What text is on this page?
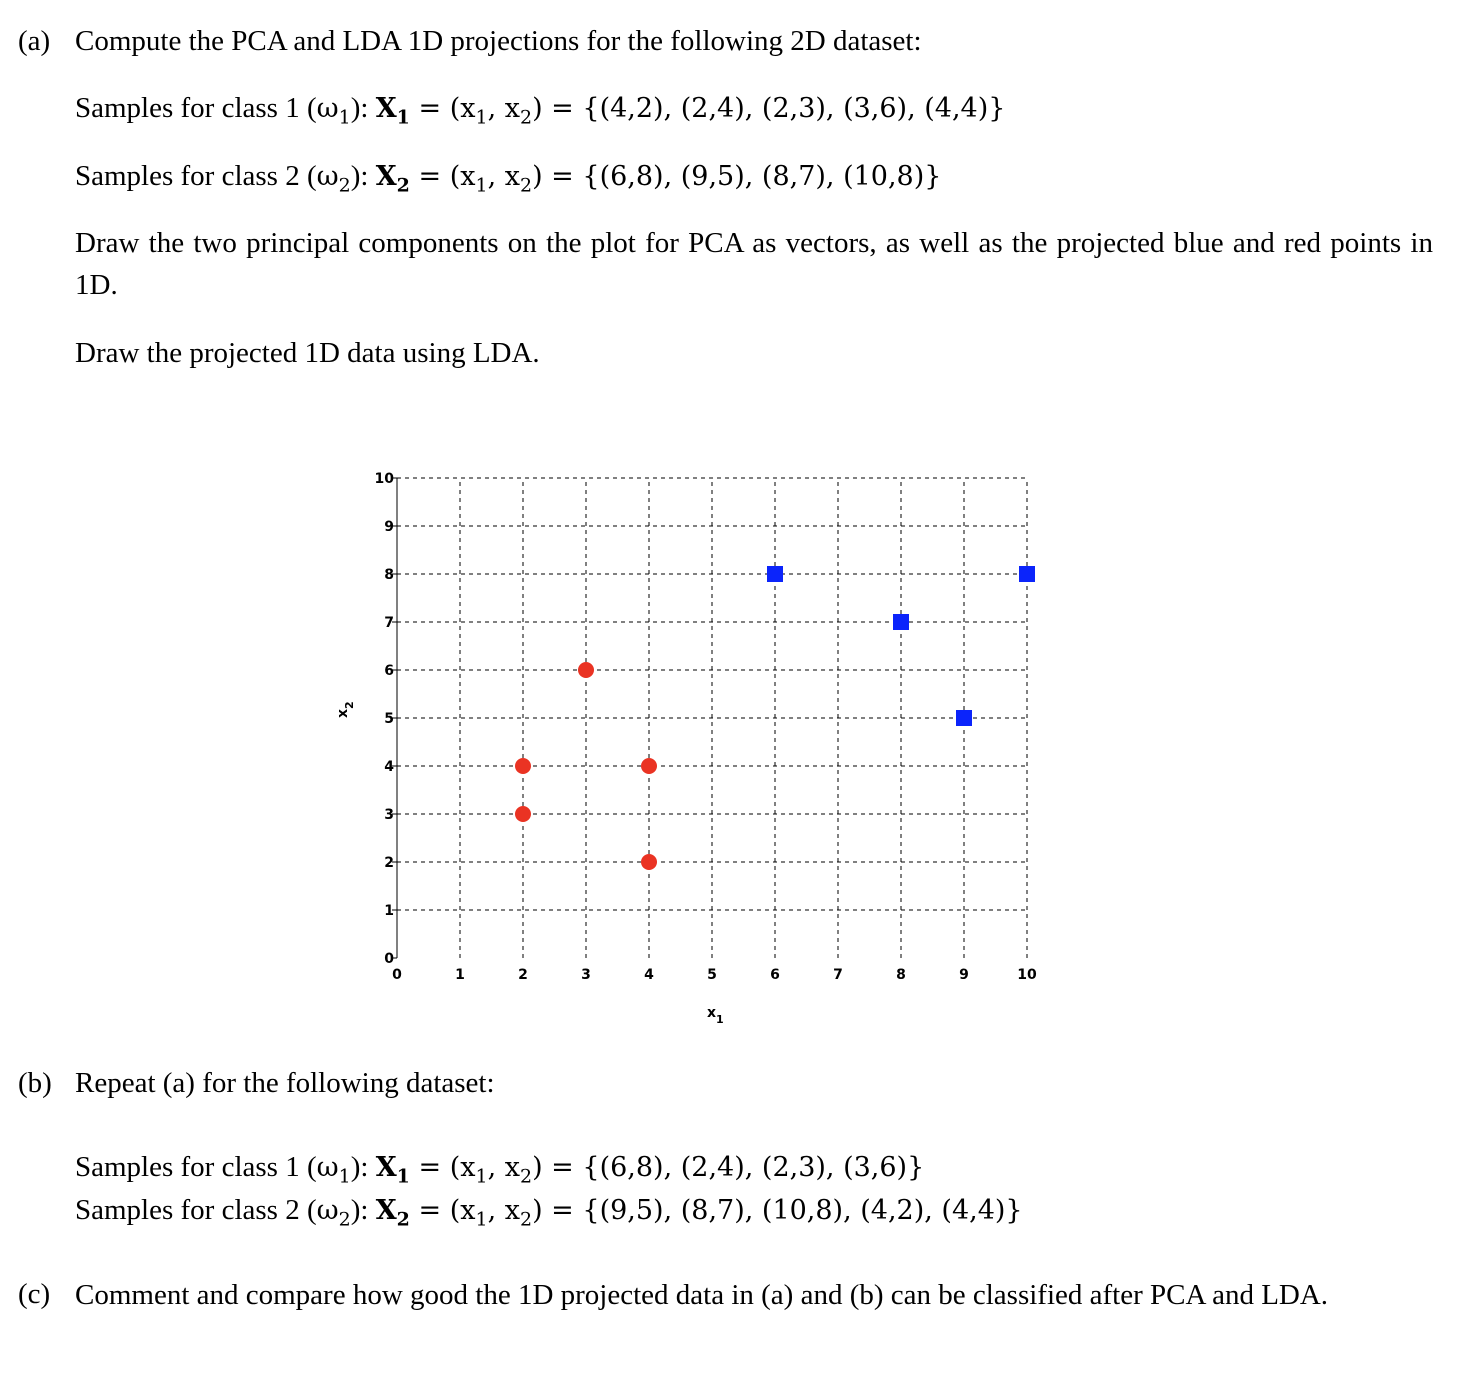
(a) Compute the PCA and LDA 1D projections for the following 2D dataset:
Samples for class 1 $(\omega_1)$: $X_1 = (x_1$, $x_2) = \{(4,2)$, (2,4), (2,3), (3,6), (4,4)}
Samples for class 2 $(\omega_2)$: $X_2 = (x_1$, $x_2) = \{(6,8)$, (9,5), (8,7), (10,8)}
Draw the two principal components on the plot for PCA as vectors, as well as the projected blue and red points in 1D.
Draw the projected 1D data using LDA.
0	1	2	3	4	5	6	7	8	9	10
0
1
2
3
4
5
6
7
8
9
10
$x_1$
$x_2$
(b) Repeat (a) for the following dataset:
Samples for class 1 $(\omega_1)$: $X_1 = (x_1$, $x_2) = \{(6,8)$, (2,4), (2,3), (3,6)}
Samples for class 2 $(\omega_2)$: $X_2 = (x_1$, $x_2) = \{(9,5)$, (8,7), (10,8), (4,2), (4,4)}
(c) Comment and compare how good the 1D projected data in (a) and (b) can be classified after PCA and LDA.
